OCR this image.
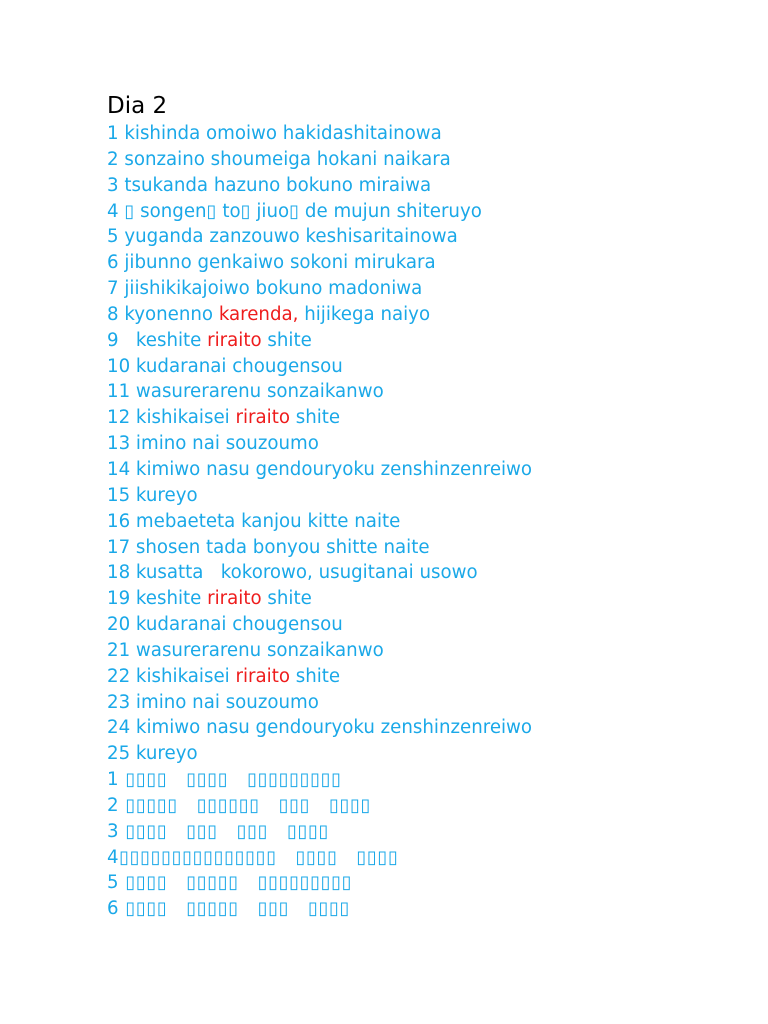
Dia 2
1 kishinda omoiwo hakidashitainowa
2 sonzaino shoumeiga hokani naikara
3 tsukanda hazuno bokuno miraiwa
4 ▯ songen▯ to▯ jiuo▯ de mujun shiteruyo
5 yuganda zanzouwo keshisaritainowa
6 jibunno genkaiwo sokoni mirukara
7 jiishikikajoiwo bokuno madoniwa
8 kyonenno karenda, hijikega naiyo
9   keshite riraito shite
10 kudaranai chougensou
11 wasurerarenu sonzaikanwo
12 kishikaisei riraito shite
13 imino nai souzoumo
14 kimiwo nasu gendouryoku zenshinzenreiwo
15 kureyo
16 mebaeteta kanjou kitte naite
17 shosen tada bonyou shitte naite
18 kusatta   kokorowo, usugitanai usowo
19 keshite riraito shite
20 kudaranai chougensou
21 wasurerarenu sonzaikanwo
22 kishikaisei riraito shite
23 imino nai souzoumo
24 kimiwo nasu gendouryoku zenshinzenreiwo
25 kureyo
1 ▯▯▯▯   ▯▯▯▯   ▯▯▯▯▯▯▯▯▯
2 ▯▯▯▯▯   ▯▯▯▯▯▯   ▯▯▯   ▯▯▯▯
3 ▯▯▯▯   ▯▯▯   ▯▯▯   ▯▯▯▯
4▯▯▯▯▯▯▯▯▯▯▯▯▯▯▯   ▯▯▯▯   ▯▯▯▯
5 ▯▯▯▯   ▯▯▯▯▯   ▯▯▯▯▯▯▯▯▯
6 ▯▯▯▯   ▯▯▯▯▯   ▯▯▯   ▯▯▯▯
